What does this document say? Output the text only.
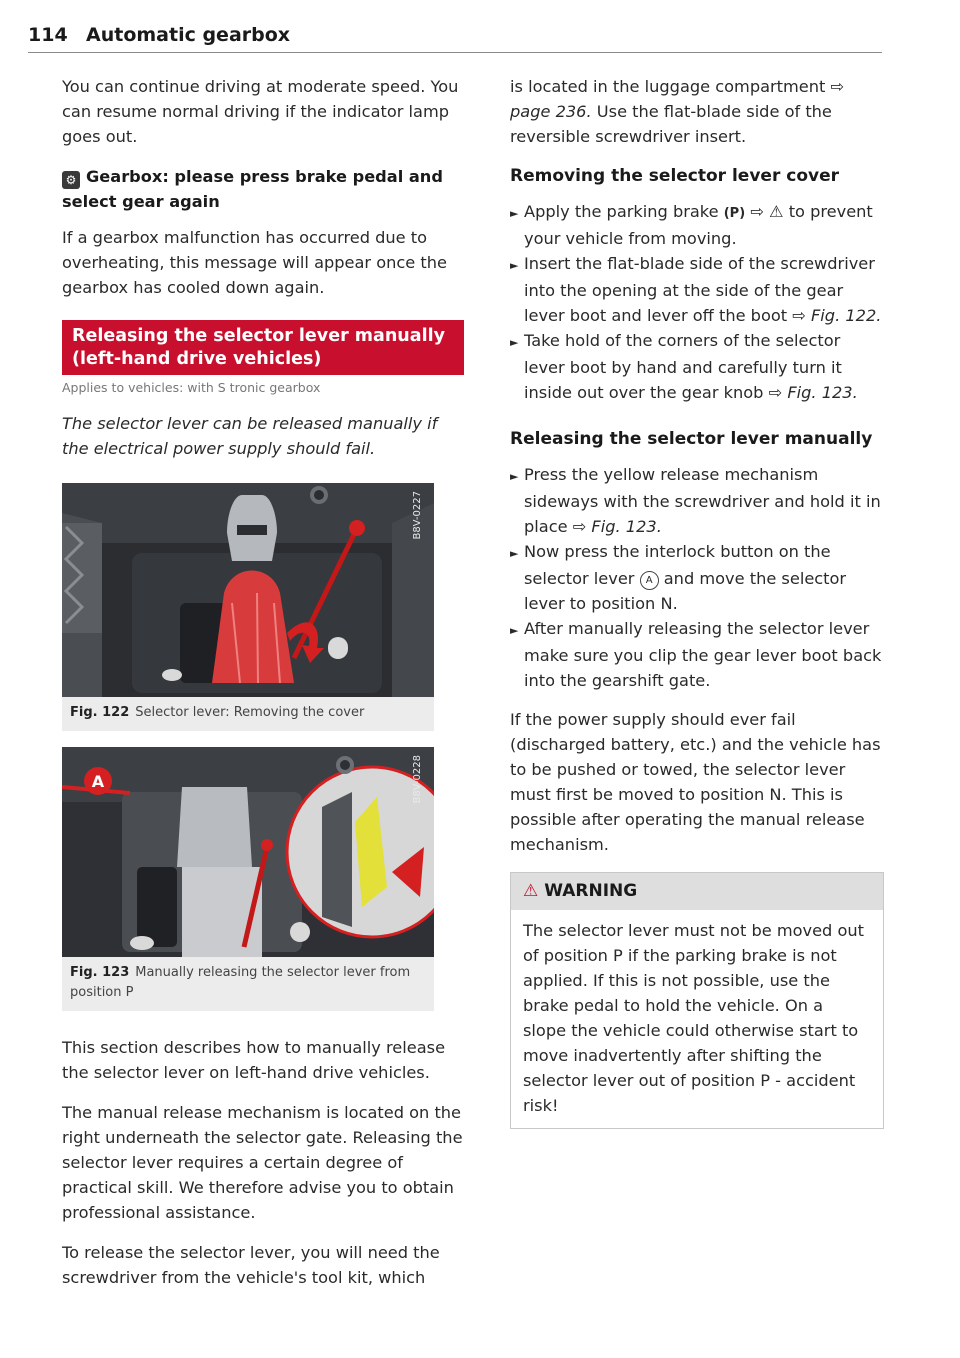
114 Automatic gearbox

You can continue driving at moderate speed. You can resume normal driving if the indicator lamp goes out.

⚙ Gearbox: please press brake pedal and select gear again

If a gearbox malfunction has occurred due to overheating, this message will appear once the gearbox has cooled down again.

Releasing the selector lever manually (left-hand drive vehicles)

Applies to vehicles: with S tronic gearbox

The selector lever can be released manually if the electrical power supply should fail.

B8V-0227

Fig. 122 Selector lever: Removing the cover

A	B8V-0228

Fig. 123 Manually releasing the selector lever from position P

This section describes how to manually release the selector lever on left-hand drive vehicles.

The manual release mechanism is located on the right underneath the selector gate. Releasing the selector lever requires a certain degree of practical skill. We therefore advise you to obtain professional assistance.

To release the selector lever, you will need the screwdriver from the vehicle's tool kit, which

is located in the luggage compartment ⇨ page 236. Use the flat-blade side of the reversible screwdriver insert.

Removing the selector lever cover

► Apply the parking brake (P) ⇨ ⚠ to prevent your vehicle from moving.

► Insert the flat-blade side of the screwdriver into the opening at the side of the gear lever boot and lever off the boot ⇨ Fig. 122.

► Take hold of the corners of the selector lever boot by hand and carefully turn it inside out over the gear knob ⇨ Fig. 123.

Releasing the selector lever manually

► Press the yellow release mechanism sideways with the screwdriver and hold it in place ⇨ Fig. 123.

► Now press the interlock button on the selector lever A and move the selector lever to position N.

► After manually releasing the selector lever make sure you clip the gear lever boot back into the gearshift gate.

If the power supply should ever fail (discharged battery, etc.) and the vehicle has to be pushed or towed, the selector lever must first be moved to position N. This is possible after operating the manual release mechanism.

⚠ WARNING
The selector lever must not be moved out of position P if the parking brake is not applied. If this is not possible, use the brake pedal to hold the vehicle. On a slope the vehicle could otherwise start to move inadvertently after shifting the selector lever out of position P - accident risk!
